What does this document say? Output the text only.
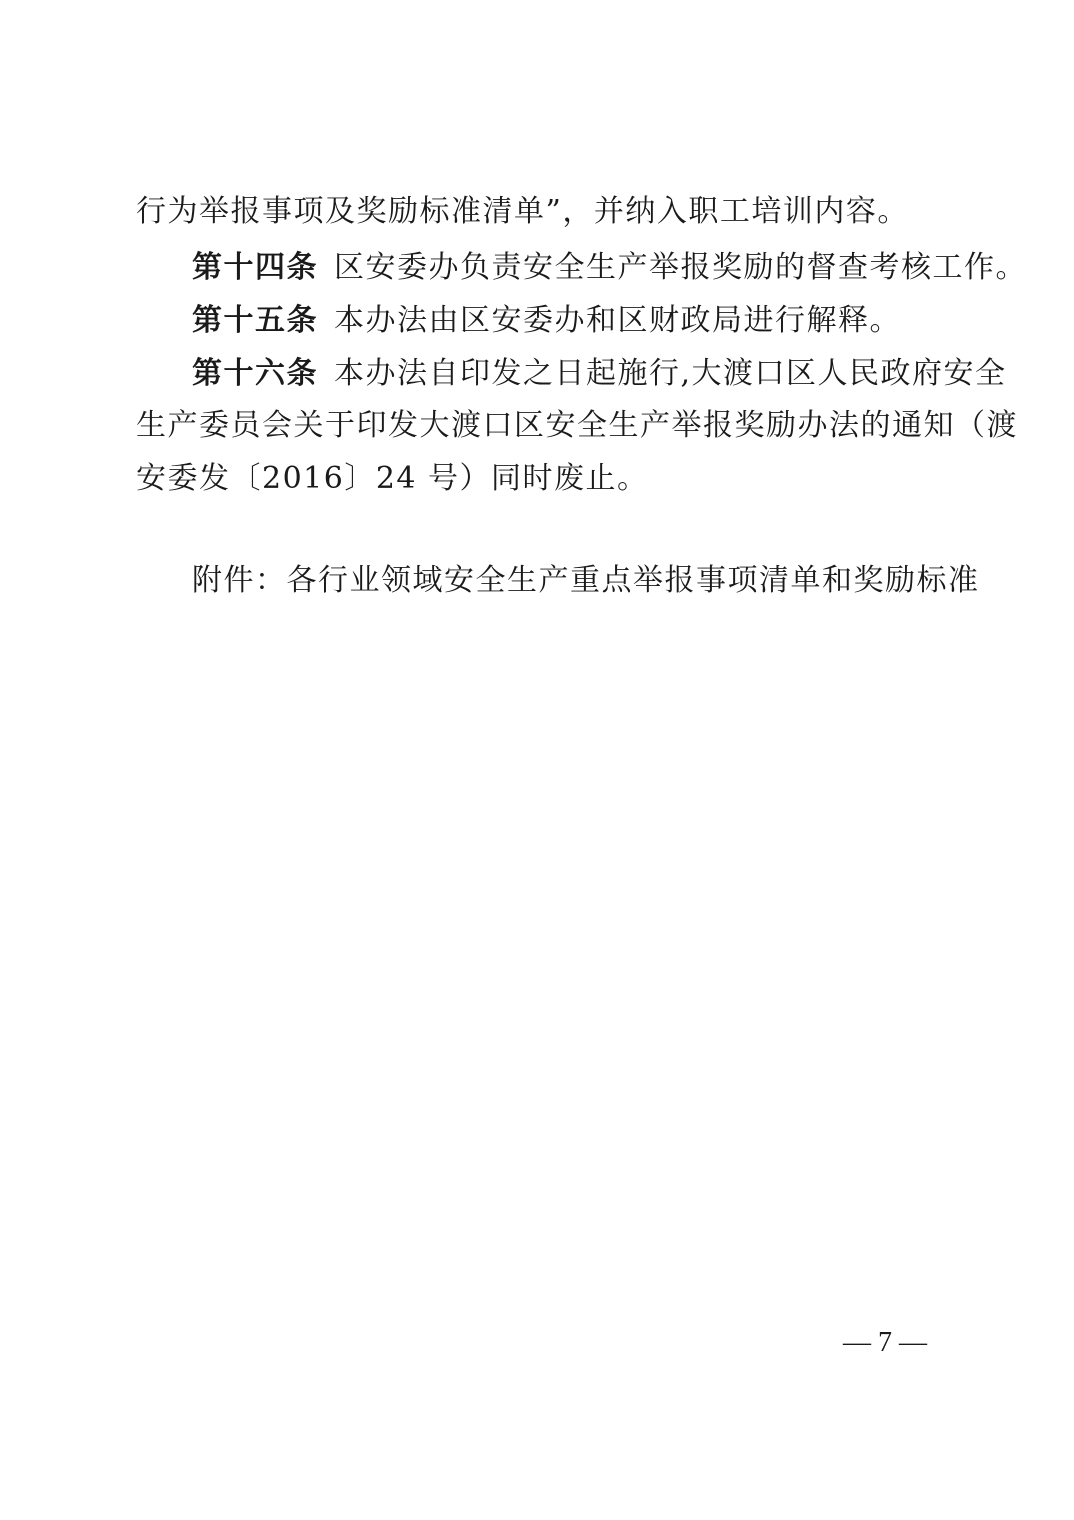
行为举报事项及奖励标准清单”，并纳入职工培训内容。
第十四条 区安委办负责安全生产举报奖励的督查考核工作。
第十五条 本办法由区安委办和区财政局进行解释。
第十六条 本办法自印发之日起施行,大渡口区人民政府安全
生产委员会关于印发大渡口区安全生产举报奖励办法的通知（渡
安委发〔2016〕24 号）同时废止。
附件：各行业领域安全生产重点举报事项清单和奖励标准
— 7 —
